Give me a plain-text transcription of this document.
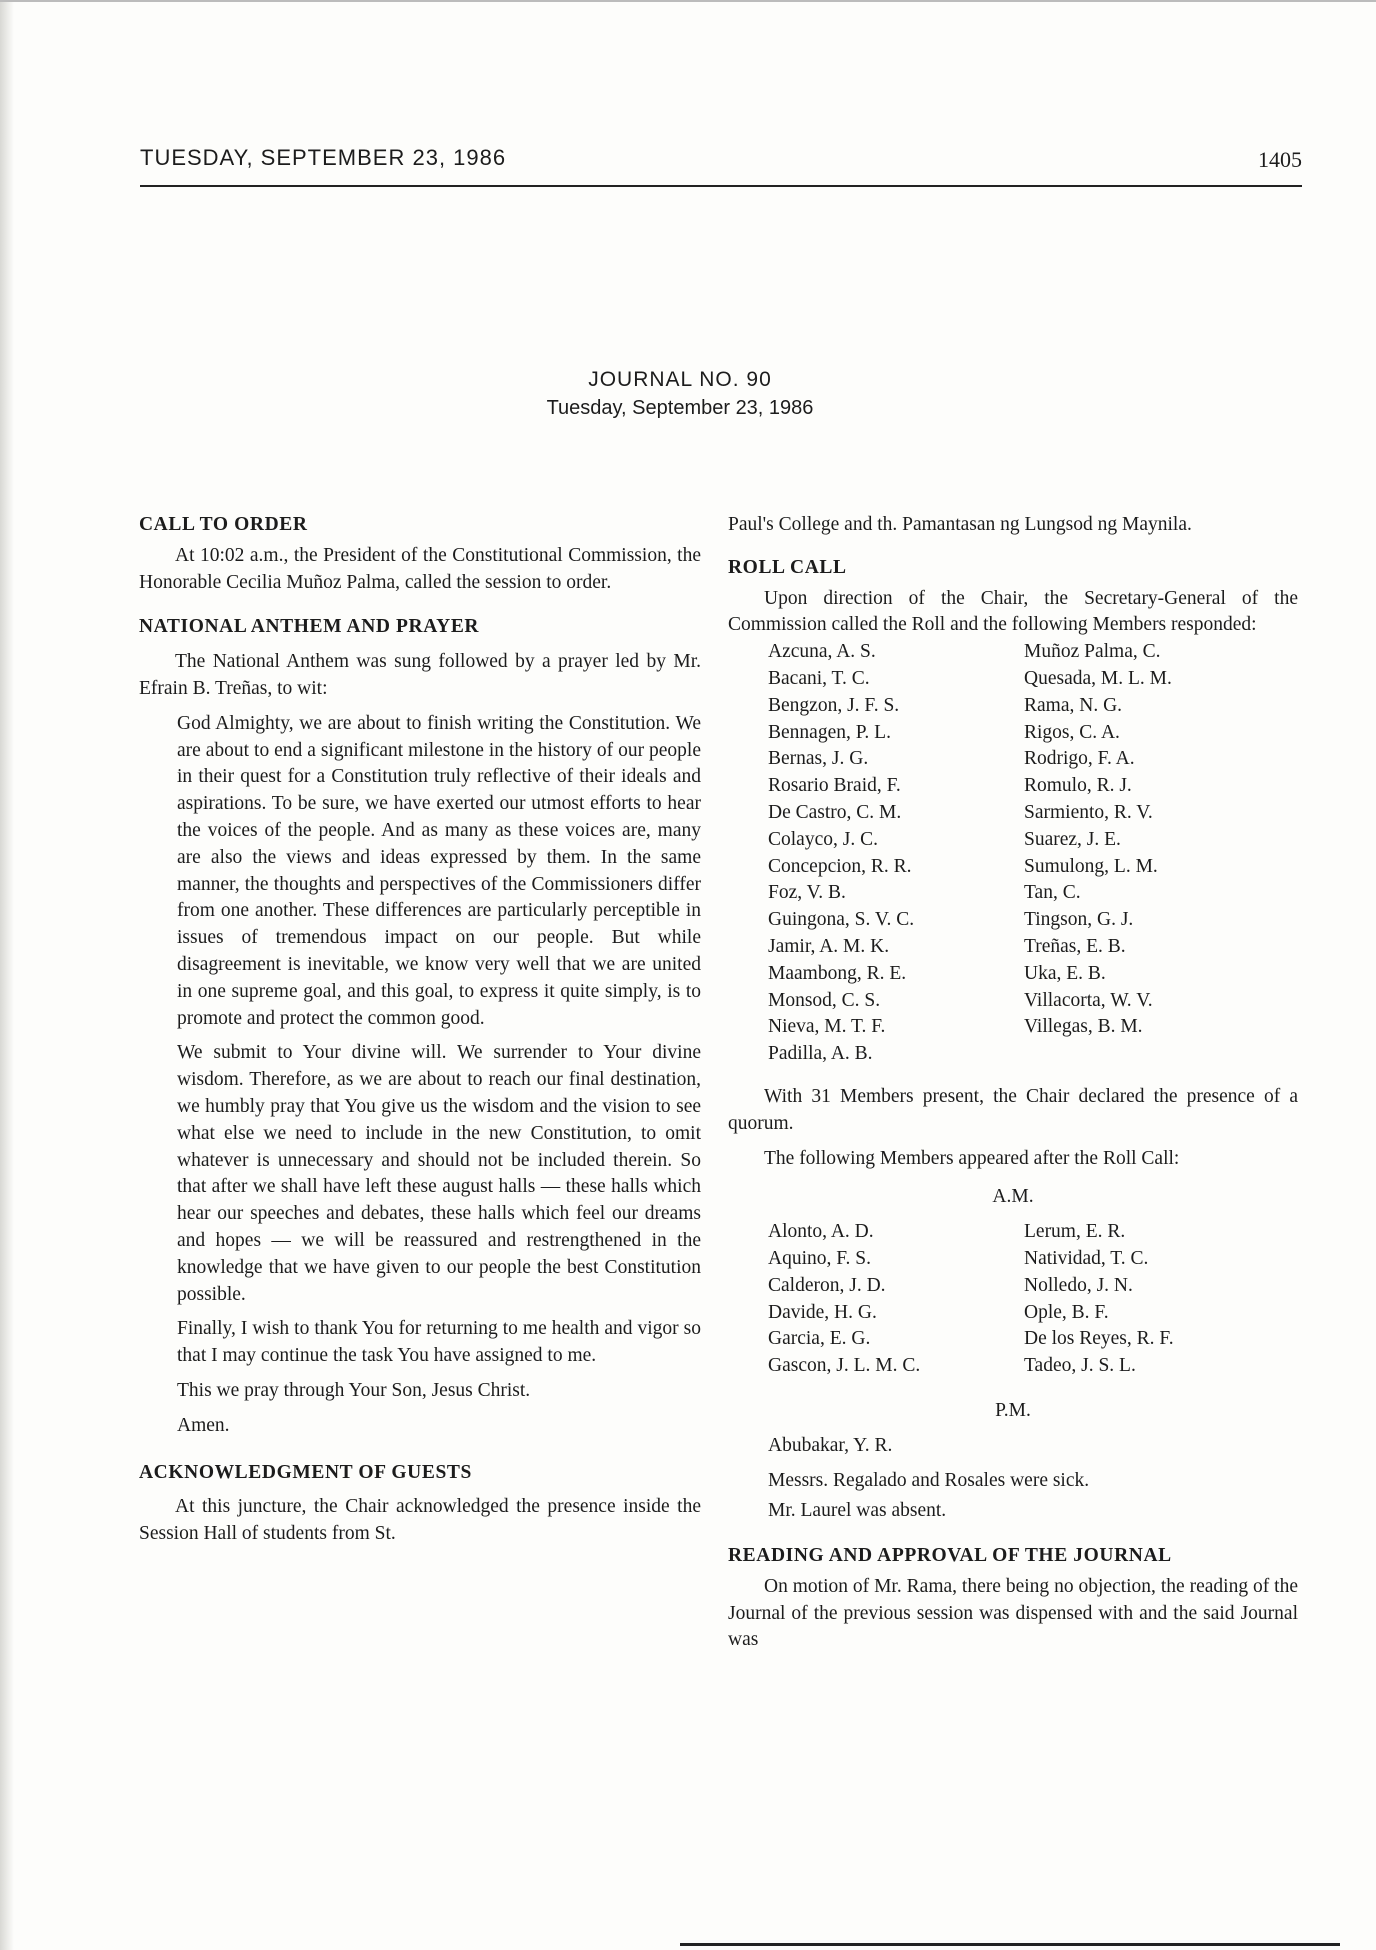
TUESDAY, SEPTEMBER 23, 1986	1405
JOURNAL NO. 90
Tuesday, September 23, 1986
CALL TO ORDER

At 10:02 a.m., the President of the Constitutional Commission, the Honorable Cecilia Muñoz Palma, called the session to order.

NATIONAL ANTHEM AND PRAYER

The National Anthem was sung followed by a prayer led by Mr. Efrain B. Treñas, to wit:

God Almighty, we are about to finish writing the Constitution. We are about to end a significant milestone in the history of our people in their quest for a Constitution truly reflective of their ideals and aspirations. To be sure, we have exerted our utmost efforts to hear the voices of the people. And as many as these voices are, many are also the views and ideas expressed by them. In the same manner, the thoughts and perspectives of the Commissioners differ from one another. These differences are particularly perceptible in issues of tremendous impact on our people. But while disagreement is inevitable, we know very well that we are united in one supreme goal, and this goal, to express it quite simply, is to promote and protect the common good.

We submit to Your divine will. We surrender to Your divine wisdom. Therefore, as we are about to reach our final destination, we humbly pray that You give us the wisdom and the vision to see what else we need to include in the new Constitution, to omit whatever is unnecessary and should not be included therein. So that after we shall have left these august halls — these halls which hear our speeches and debates, these halls which feel our dreams and hopes — we will be reassured and restrengthened in the knowledge that we have given to our people the best Constitution possible.

Finally, I wish to thank You for returning to me health and vigor so that I may continue the task You have assigned to me.

This we pray through Your Son, Jesus Christ.

Amen.

ACKNOWLEDGMENT OF GUESTS

At this juncture, the Chair acknowledged the presence inside the Session Hall of students from St.

Paul's College and th. Pamantasan ng Lungsod ng Maynila.

ROLL CALL

Upon direction of the Chair, the Secretary-General of the Commission called the Roll and the following Members responded:

Azcuna, A. S.
Bacani, T. C.
Bengzon, J. F. S.
Bennagen, P. L.
Bernas, J. G.
Rosario Braid, F.
De Castro, C. M.
Colayco, J. C.
Concepcion, R. R.
Foz, V. B.
Guingona, S. V. C.
Jamir, A. M. K.
Maambong, R. E.
Monsod, C. S.
Nieva, M. T. F.
Padilla, A. B.
Muñoz Palma, C.
Quesada, M. L. M.
Rama, N. G.
Rigos, C. A.
Rodrigo, F. A.
Romulo, R. J.
Sarmiento, R. V.
Suarez, J. E.
Sumulong, L. M.
Tan, C.
Tingson, G. J.
Treñas, E. B.
Uka, E. B.
Villacorta, W. V.
Villegas, B. M.

With 31 Members present, the Chair declared the presence of a quorum.

The following Members appeared after the Roll Call:

A.M.
Alonto, A. D.
Aquino, F. S.
Calderon, J. D.
Davide, H. G.
Garcia, E. G.
Gascon, J. L. M. C.
Lerum, E. R.
Natividad, T. C.
Nolledo, J. N.
Ople, B. F.
De los Reyes, R. F.
Tadeo, J. S. L.
P.M.
Abubakar, Y. R.
Messrs. Regalado and Rosales were sick.
Mr. Laurel was absent.
READING AND APPROVAL OF THE JOURNAL

On motion of Mr. Rama, there being no objection, the reading of the Journal of the previous session was dispensed with and the said Journal was
